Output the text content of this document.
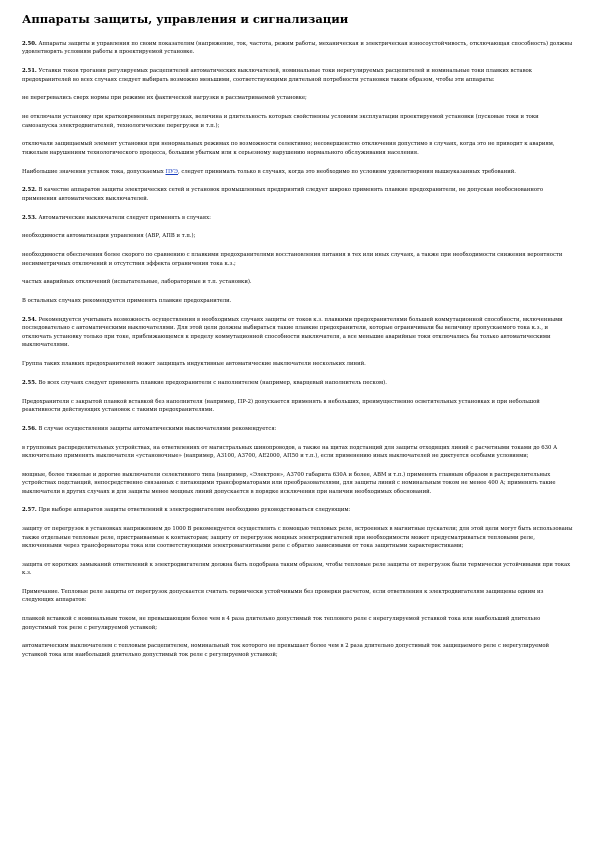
Аппараты защиты, управления и сигнализации

2.50. Аппараты защиты и управления по своим показателям (напряжение, ток, частота, режим работы, механическая и электрическая износоустойчивость, отключающая способность) должны удовлетворять условиям работы в проектируемой установке.

2.51. Уставки токов трогания регулируемых расцепителей автоматических выключателей, номинальные токи нерегулируемых расцепителей и номинальные токи плавких вставок предохранителей во всех случаях следует выбирать возможно меньшими, соответствующими длительной потребности установки таким образом, чтобы эти аппараты:

не перегревались сверх нормы при режиме их фактической нагрузки в рассматриваемой установке;

не отключали установку при кратковременных перегрузках, величина и длительность которых свойственны условиям эксплуатации проектируемой установки (пусковые токи и токи самозапуска электродвигателей, технологические перегрузки и т.п.);

отключали защищаемый элемент установки при ненормальных режимах по возможности селективно; несовершенство отключения допустимо в случаях, когда это не приводит к авариям, тяжелым нарушениям технологического процесса, большим убыткам или к серьезному нарушению нормального обслуживания населения.

Наибольшие значения уставок тока, допускаемых ПУЭ, следует принимать только в случаях, когда это необходимо по условиям удовлетворения вышеуказанных требований.

2.52. В качестве аппаратов защиты электрических сетей и установок промышленных предприятий следует широко применять плавкие предохранители, не допуская необоснованного применения автоматических выключателей.

2.53. Автоматические выключатели следует применять в случаях:

необходимости автоматизации управления (АВР, АПВ и т.п.);

необходимости обеспечения более скорого по сравнению с плавкими предохранителями восстановления питания в тех или иных случаях, а также при необходимости снижения вероятности несимметричных отключений и отсутствия эффекта ограничения тока к.з.;

частых аварийных отключений (испытательные, лабораторные и т.п. установки).

В остальных случаях рекомендуется применять плавкие предохранители.

2.54. Рекомендуется учитывать возможность осуществления в необходимых случаях защиты от токов к.з. плавкими предохранителями большей коммутационной способности, включенными последовательно с автоматическими выключателями. Для этой цели должны выбираться такие плавкие предохранители, которые ограничивали бы величину пропускаемого тока к.з., и отключать установку только при токе, приближающемся к пределу коммутационной способности выключателя, а все меньшие аварийные токи отключались бы только автоматическими выключателями.

Группа таких плавких предохранителей может защищать индуктивные автоматические выключатели нескольких линий.

2.55. Во всех случаях следует применять плавкие предохранители с наполнителем (например, кварцевый наполнитель песком).

Предохранители с закрытой плавкой вставкой без наполнителя (например, ПР-2) допускается применять в небольших, преимущественно осветительных установках и при небольшой реактивности действующих установок с такими предохранителями.

2.56. В случае осуществления защиты автоматическими выключателями рекомендуется:

в групповых распределительных устройствах, на ответвлениях от магистральных шинопроводов, а также на щитах подстанций для защиты отходящих линий с расчетными токами до 630 А включительно применять выключатели «установочные» (например, А3100, А3700, АЕ2000, АП50 и т.п.), если применению иных выключателей не диктуется особыми условиями;

мощные, более тяжелые и дорогие выключатели селективного типа (например, «Электрон», А3700 габарита 630А и более, АВМ и т.п.) применять главным образом в распределительных устройствах подстанций, непосредственно связанных с питающими трансформаторами или преобразователями, для защиты линий с номинальным током не менее 400 А; применять такие выключатели в других случаях и для защиты менее мощных линий допускается в порядке исключения при наличии необходимых обоснований.

2.57. При выборе аппаратов защиты ответвлений к электродвигателям необходимо руководствоваться следующим:

защиту от перегрузок в установках напряжением до 1000 В рекомендуется осуществлять с помощью тепловых реле, встроенных в магнитные пускатели; для этой цели могут быть использованы также отдельные тепловые реле, пристраиваемые к контакторам; защиту от перегрузок мощных электродвигателей при необходимости может предусматриваться тепловыми реле, включенными через трансформаторы тока или соответствующими электромагнитными реле с обратно зависимыми от тока защитными характеристиками;

защита от коротких замыканий ответвлений к электродвигателям должна быть подобрана таким образом, чтобы тепловые реле защиты от перегрузок были термически устойчивыми при токах к.з.

Примечание. Тепловые реле защиты от перегрузок допускается считать термически устойчивыми без проверки расчетом, если ответвления к электродвигателям защищены одним из следующих аппаратов:

плавкой вставкой с номинальным током, не превышающим более чем в 4 раза длительно допустимый ток теплового реле с нерегулируемой уставкой тока или наибольший длительно допустимый ток реле с регулируемой уставкой;

автоматическим выключателем с тепловым расцепителем, номинальный ток которого не превышает более чем в 2 раза длительно допустимый ток защищаемого реле с нерегулируемой уставкой тока или наибольший длительно допустимый ток реле с регулируемой уставкой;
